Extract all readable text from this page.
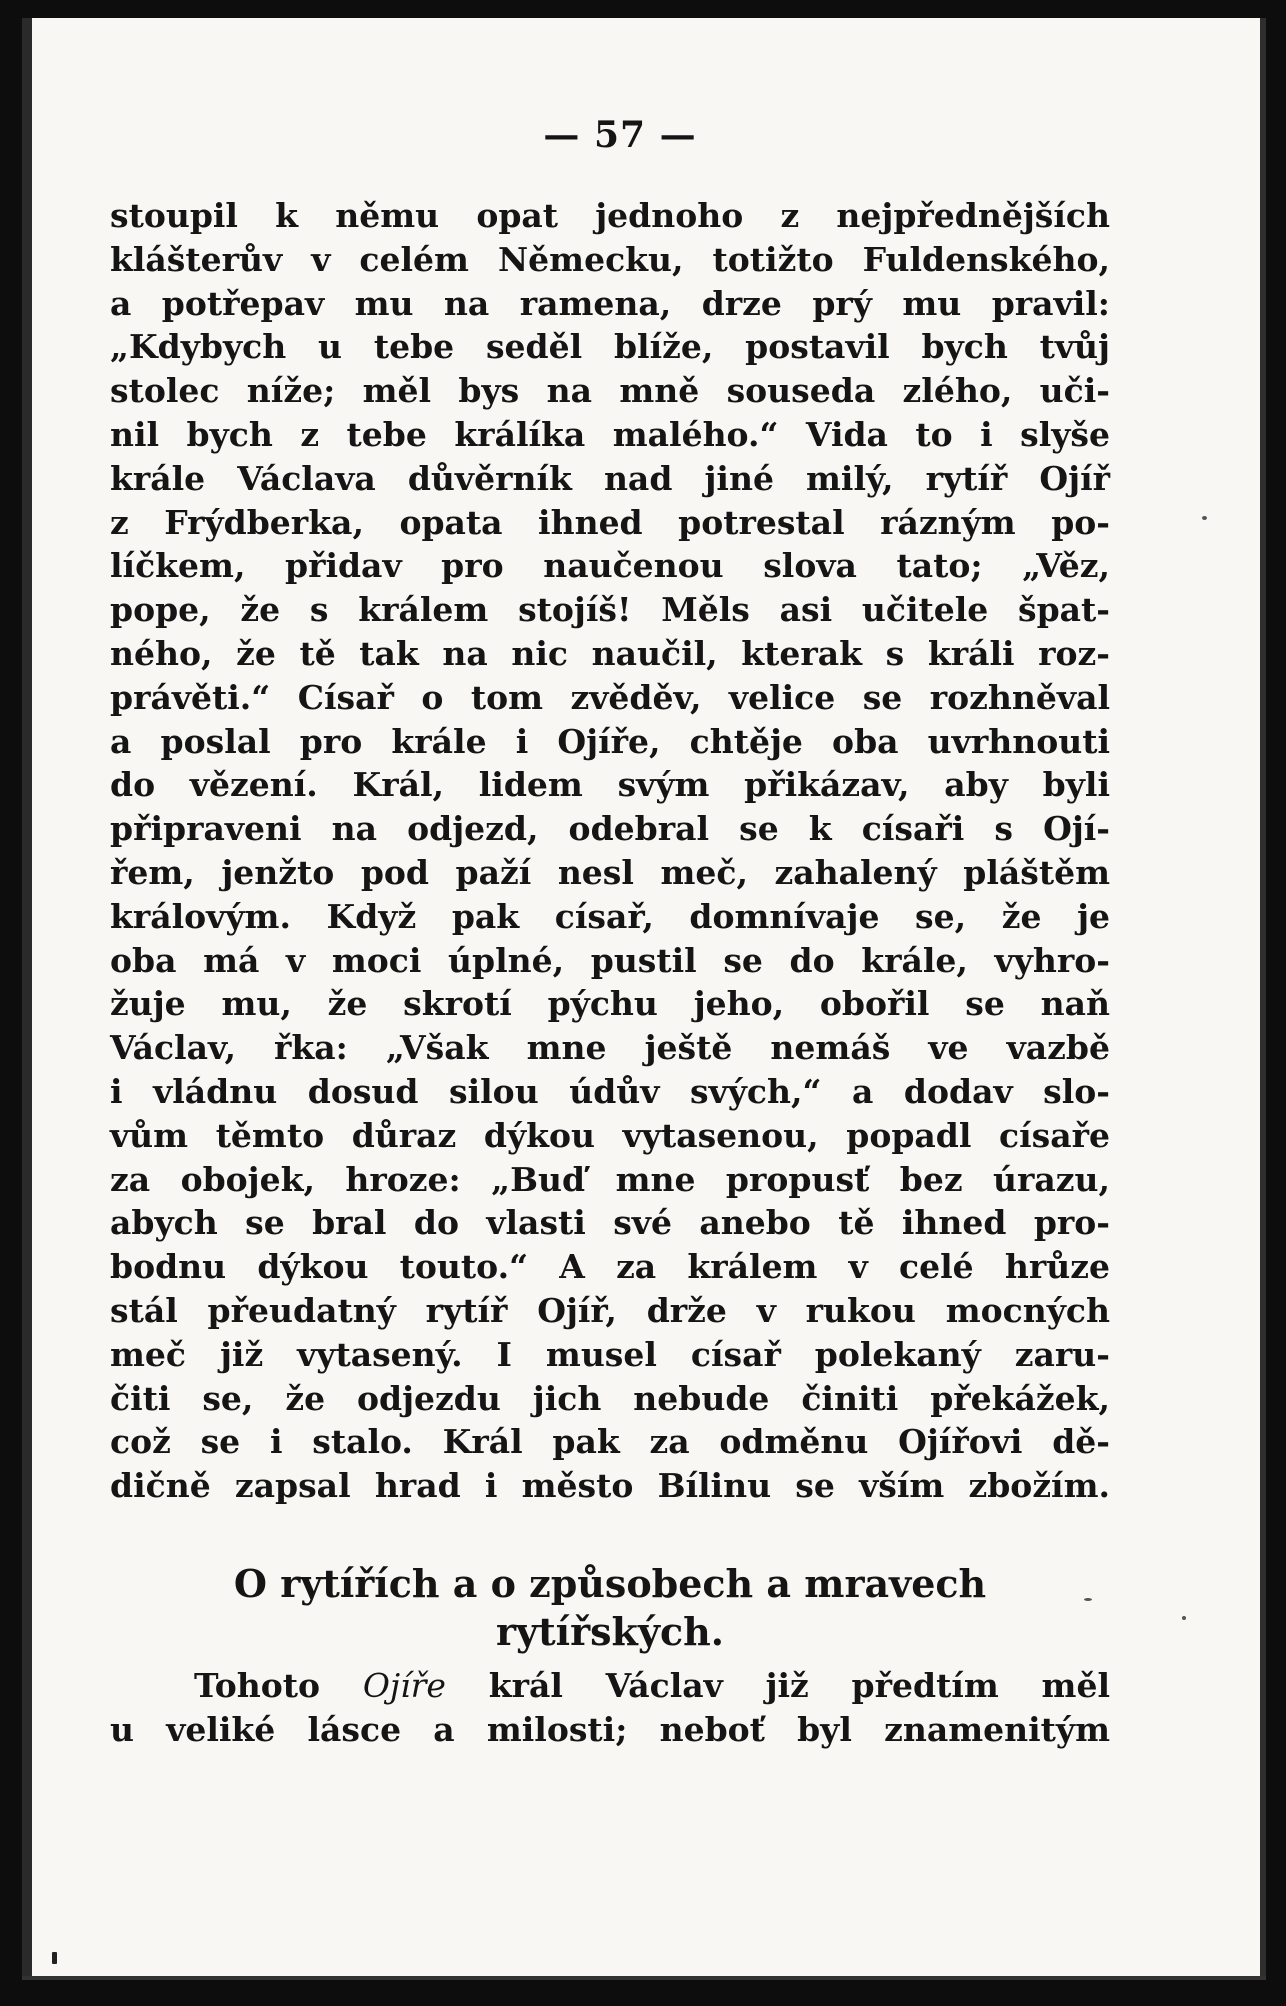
— 57 —
stoupil k němu opat jednoho z nejpřednějších
klášterův v celém Německu, totižto Fuldenského,
a potřepav mu na ramena, drze prý mu pravil:
„Kdybych u tebe seděl blíže, postavil bych tvůj
stolec níže; měl bys na mně souseda zlého, uči-
nil bych z tebe králíka malého.“ Vida to i slyše
krále Václava důvěrník nad jiné milý, rytíř Ojíř
z Frýdberka, opata ihned potrestal rázným po-
líčkem, přidav pro naučenou slova tato; „Věz,
pope, že s králem stojíš! Měls asi učitele špat-
ného, že tě tak na nic naučil, kterak s králi roz-
právěti.“ Císař o tom zvěděv, velice se rozhněval
a poslal pro krále i Ojíře, chtěje oba uvrhnouti
do vězení. Král, lidem svým přikázav, aby byli
připraveni na odjezd, odebral se k císaři s Ojí-
řem, jenžto pod paží nesl meč, zahalený pláštěm
královým. Když pak císař, domnívaje se, že je
oba má v moci úplné, pustil se do krále, vyhro-
žuje mu, že skrotí pýchu jeho, obořil se naň
Václav, řka: „Však mne ještě nemáš ve vazbě
i vládnu dosud silou údův svých,“ a dodav slo-
vům těmto důraz dýkou vytasenou, popadl císaře
za obojek, hroze: „Buď mne propusť bez úrazu,
abych se bral do vlasti své anebo tě ihned pro-
bodnu dýkou touto.“ A za králem v celé hrůze
stál přeudatný rytíř Ojíř, drže v rukou mocných
meč již vytasený. I musel císař polekaný zaru-
čiti se, že odjezdu jich nebude činiti překážek,
což se i stalo. Král pak za odměnu Ojířovi dě-
dičně zapsal hrad i město Bílinu se vším zbožím.
O rytířích a o způsobech a mravech
rytířských.
Tohoto Ojíře král Václav již předtím měl
u veliké lásce a milosti; neboť byl znamenitým
